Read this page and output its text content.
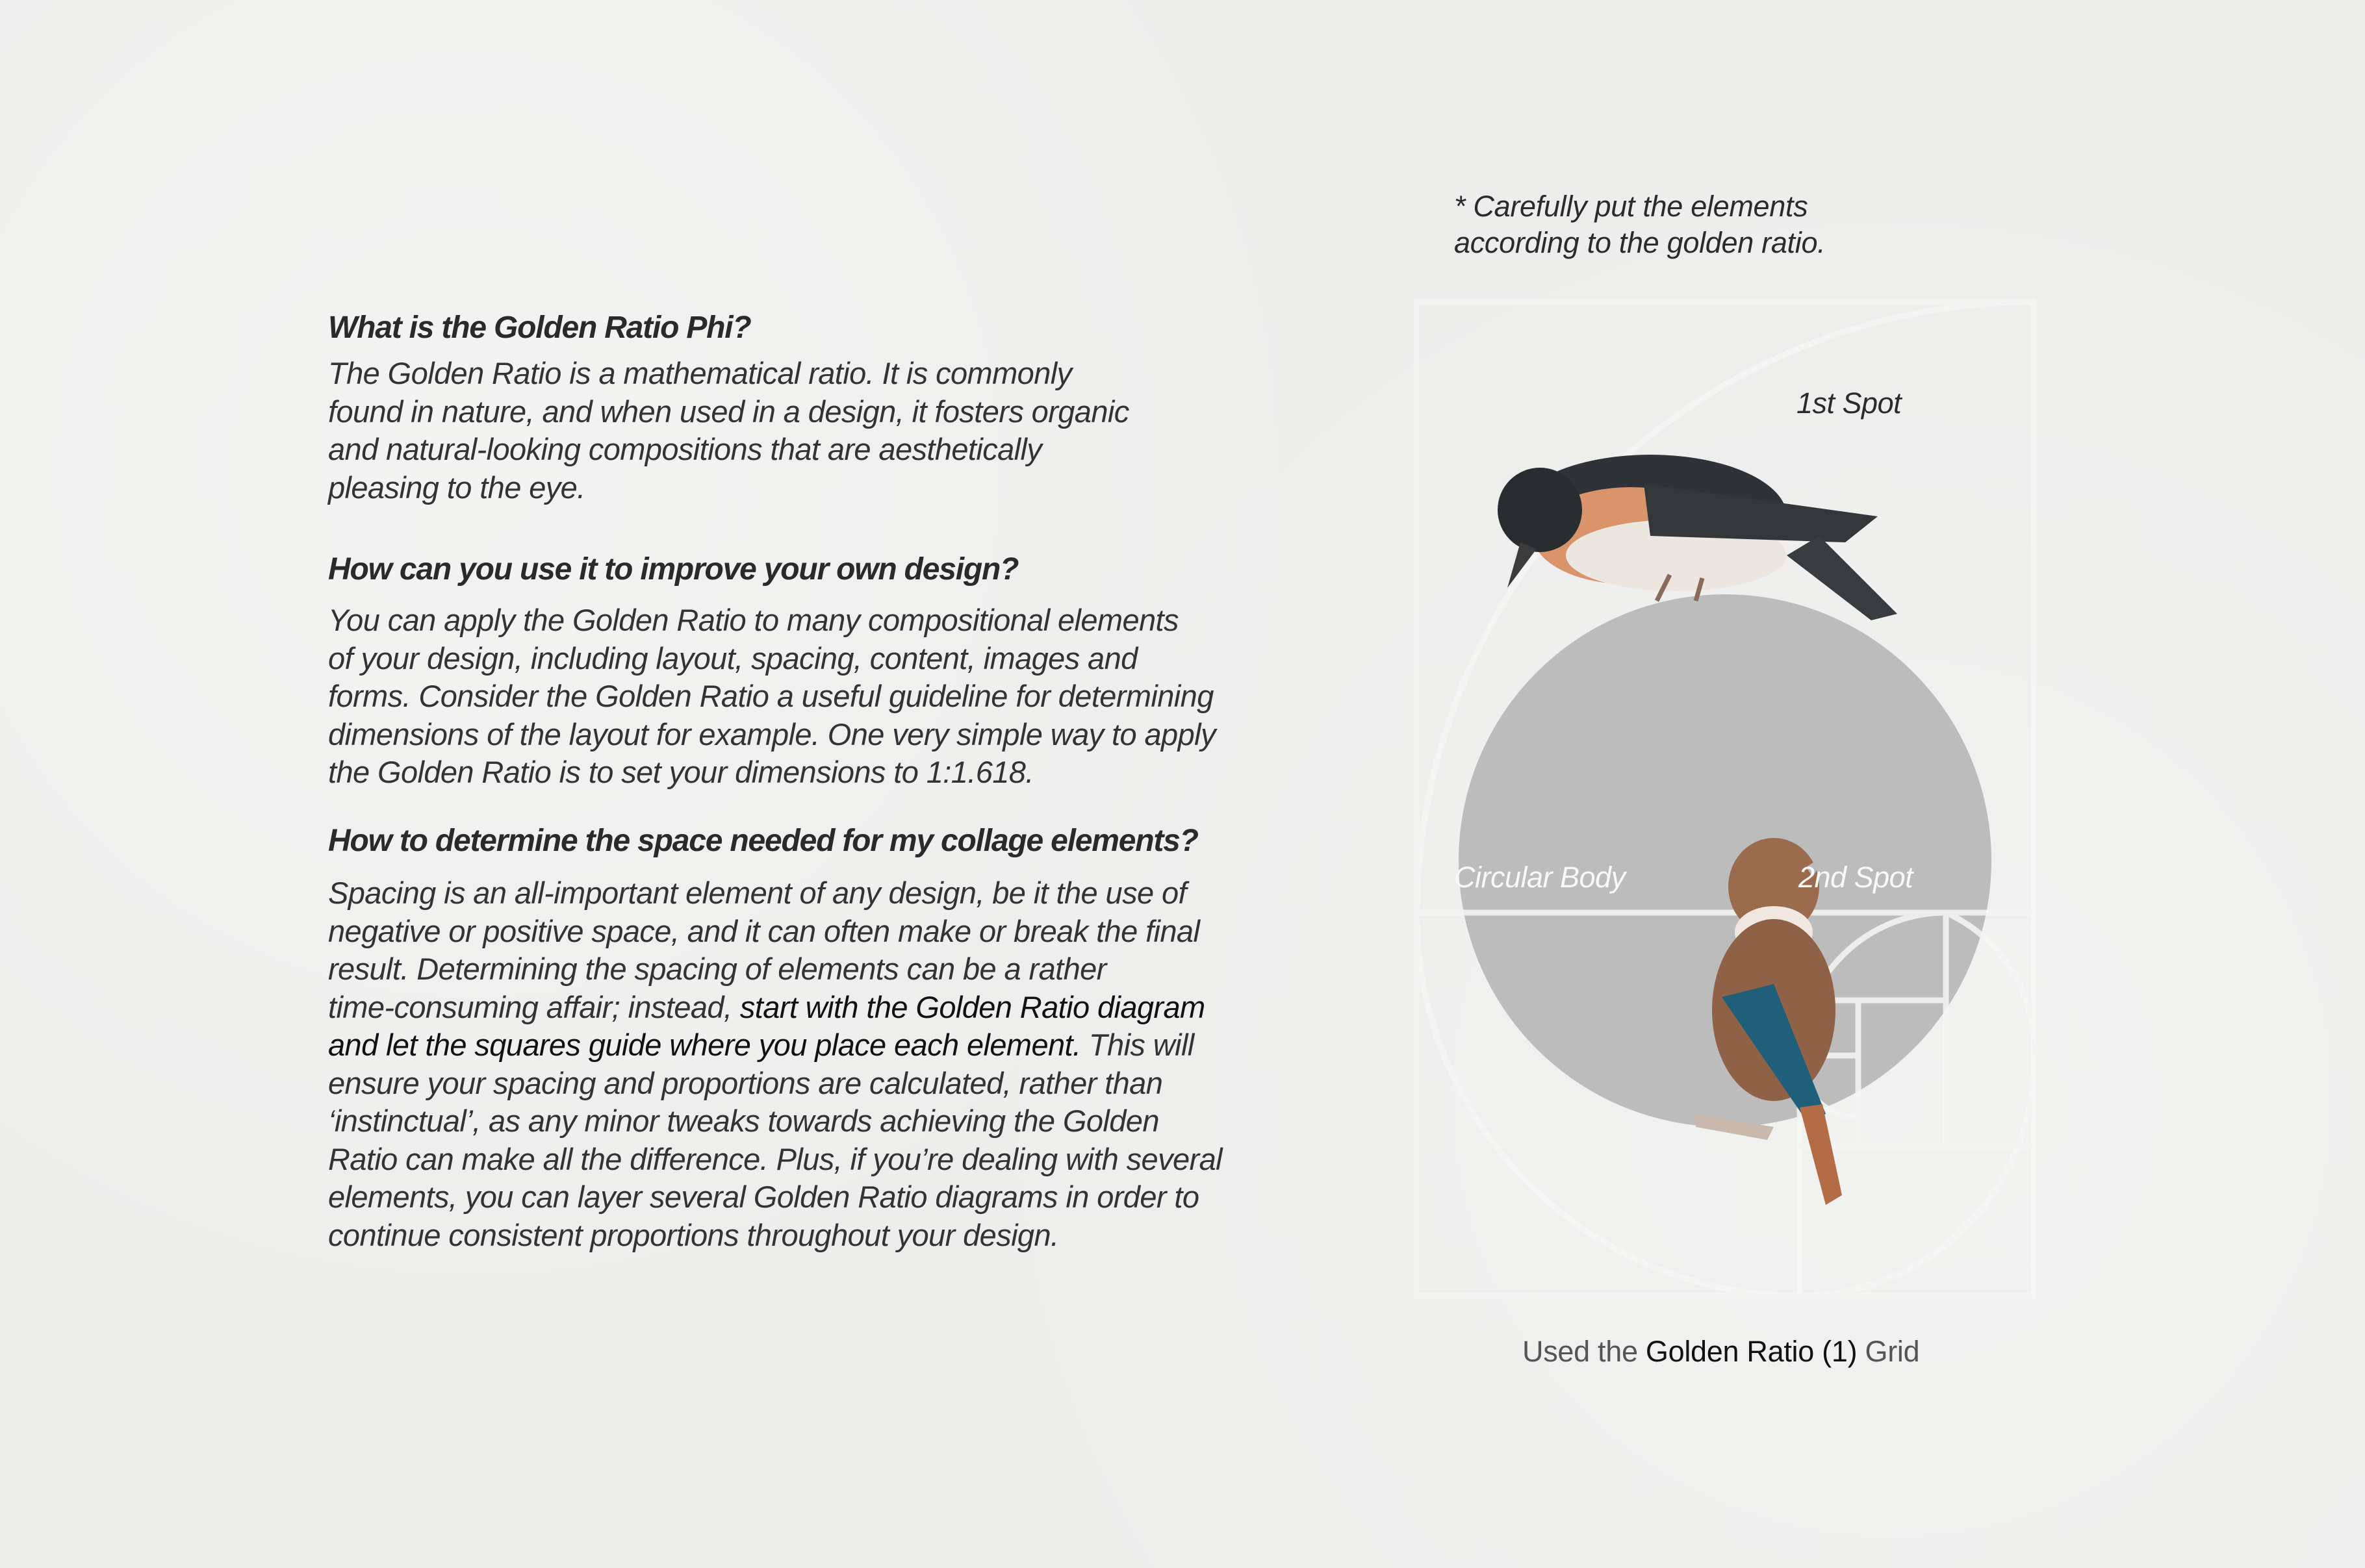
What is the Golden Ratio Phi?

The Golden Ratio is a mathematical ratio. It is commonly
found in nature, and when used in a design, it fosters organic
and natural-looking compositions that are aesthetically
pleasing to the eye.

How can you use it to improve your own design?

You can apply the Golden Ratio to many compositional elements
of your design, including layout, spacing, content, images and
forms. Consider the Golden Ratio a useful guideline for determining
dimensions of the layout for example. One very simple way to apply
the Golden Ratio is to set your dimensions to 1:1.618.

How to determine the space needed for my collage elements?

Spacing is an all-important element of any design, be it the use of
negative or positive space, and it can often make or break the final
result. Determining the spacing of elements can be a rather
time-consuming affair; instead, start with the Golden Ratio diagram
and let the squares guide where you place each element. This will
ensure your spacing and proportions are calculated, rather than
‘instinctual’, as any minor tweaks towards achieving the Golden
Ratio can make all the difference. Plus, if you’re dealing with several
elements, you can layer several Golden Ratio diagrams in order to
continue consistent proportions throughout your design.

* Carefully put the elements
according to the golden ratio.
1st Spot
Circular Body	2nd Spot
Used the Golden Ratio (1) Grid
